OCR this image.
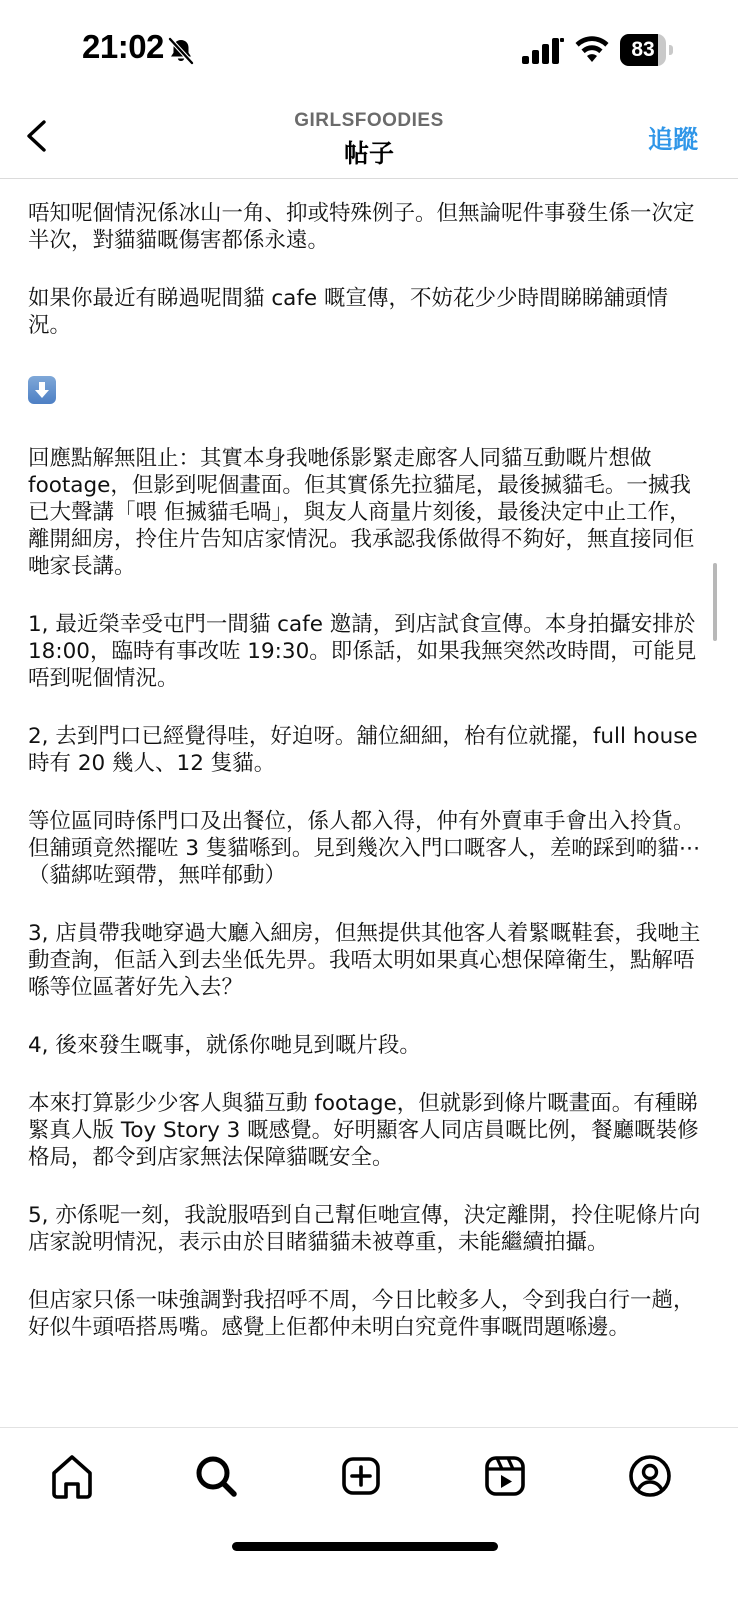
21:02	83
GIRLSFOODIES
帖子	追蹤

唔知呢個情況係冰山一角、抑或特殊例子。但無論呢件事發生係一次定半次，對貓貓嘅傷害都係永遠。

如果你最近有睇過呢間貓 cafe 嘅宣傳，不妨花少少時間睇睇舖頭情況。

回應點解無阻止：其實本身我哋係影緊走廊客人同貓互動嘅片想做 footage，但影到呢個畫面。佢其實係先拉貓尾，最後搣貓毛。一搣我已大聲講「喂 佢搣貓毛喎」，與友人商量片刻後，最後決定中止工作，離開細房，拎住片告知店家情況。我承認我係做得不夠好，無直接同佢哋家長講。

1, 最近榮幸受屯門一間貓 cafe 邀請，到店試食宣傳。本身拍攝安排於 18:00，臨時有事改咗 19:30。即係話，如果我無突然改時間，可能見唔到呢個情況。

2, 去到門口已經覺得哇，好迫呀。舖位細細，枱有位就擺，full house 時有 20 幾人、12 隻貓。

等位區同時係門口及出餐位，係人都入得，仲有外賣車手會出入拎貨。但舖頭竟然擺咗 3 隻貓喺到。見到幾次入門口嘅客人，差啲踩到啲貓⋯（貓綁咗頸帶，無咩郁動）

3, 店員帶我哋穿過大廳入細房，但無提供其他客人着緊嘅鞋套，我哋主動查詢，佢話入到去坐低先畀。我唔太明如果真心想保障衛生，點解唔喺等位區著好先入去？

4, 後來發生嘅事，就係你哋見到嘅片段。

本來打算影少少客人與貓互動 footage，但就影到條片嘅畫面。有種睇緊真人版 Toy Story 3 嘅感覺。好明顯客人同店員嘅比例，餐廳嘅裝修格局，都令到店家無法保障貓嘅安全。

5, 亦係呢一刻，我說服唔到自己幫佢哋宣傳，決定離開，拎住呢條片向店家說明情況，表示由於目睹貓貓未被尊重，未能繼續拍攝。

但店家只係一味強調對我招呼不周，今日比較多人，令到我白行一趟，好似牛頭唔搭馬嘴。感覺上佢都仲未明白究竟件事嘅問題喺邊。
